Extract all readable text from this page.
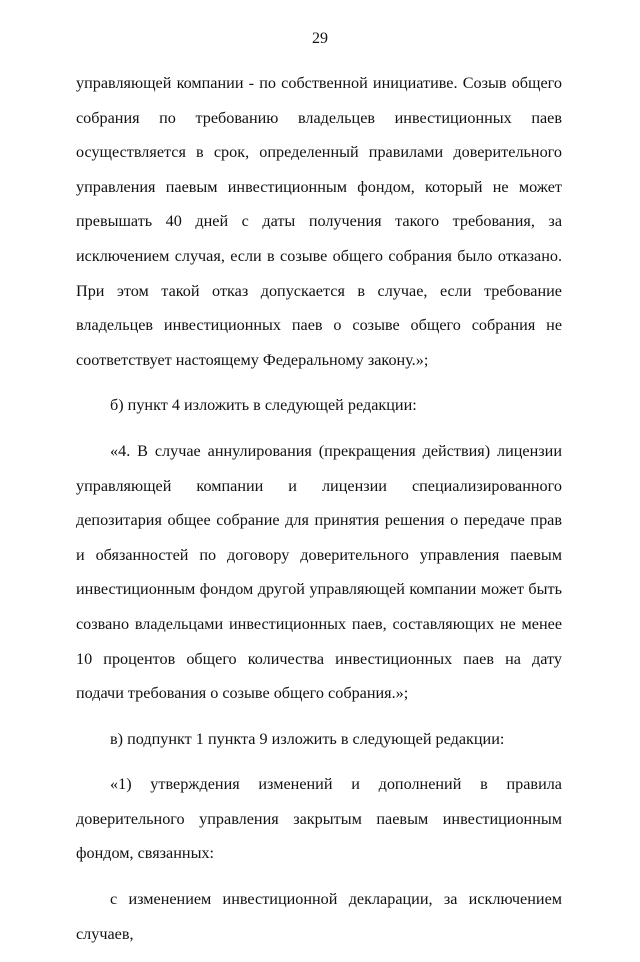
29

управляющей компании - по собственной инициативе. Созыв общего собрания по требованию владельцев инвестиционных паев осуществляется в срок, определенный правилами доверительного управления паевым инвестиционным фондом, который не может превышать 40 дней с даты получения такого требования, за исключением случая, если в созыве общего собрания было отказано. При этом такой отказ допускается в случае, если требование владельцев инвестиционных паев о созыве общего собрания не соответствует настоящему Федеральному закону.»;

б) пункт 4 изложить в следующей редакции:

«4. В случае аннулирования (прекращения действия) лицензии управляющей компании и лицензии специализированного депозитария общее собрание для принятия решения о передаче прав и обязанностей по договору доверительного управления паевым инвестиционным фондом другой управляющей компании может быть созвано владельцами инвестиционных паев, составляющих не менее 10 процентов общего количества инвестиционных паев на дату подачи требования о созыве общего собрания.»;

в) подпункт 1 пункта 9 изложить в следующей редакции:

«1) утверждения изменений и дополнений в правила доверительного управления закрытым паевым инвестиционным фондом, связанных:

с изменением инвестиционной декларации, за исключением случаев,
